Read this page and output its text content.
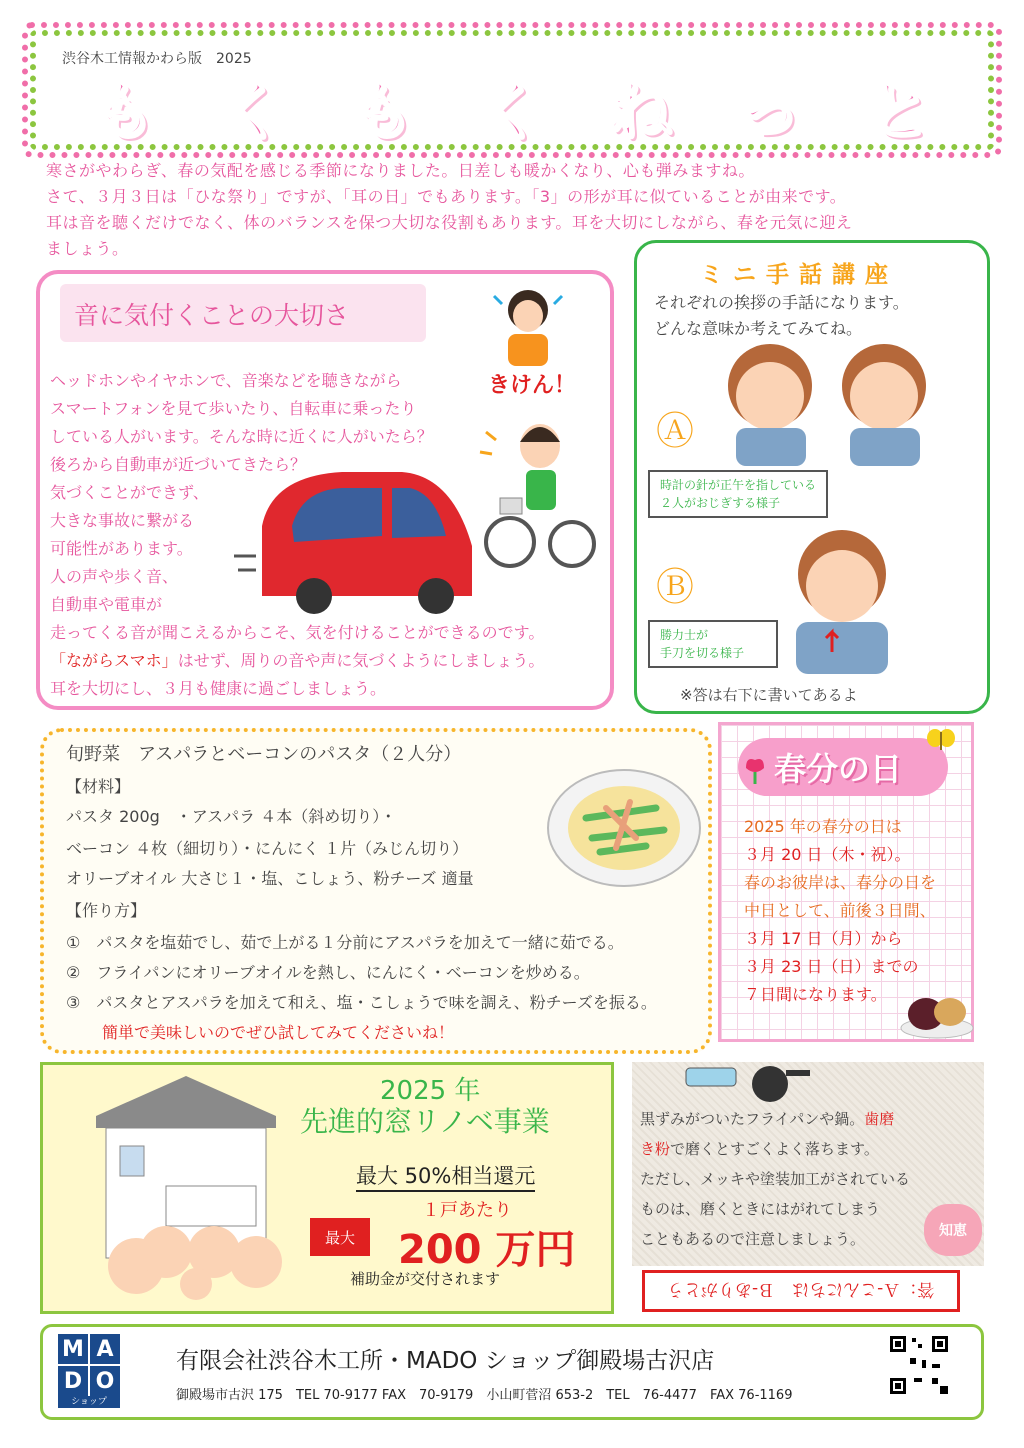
渋谷木工情報かわら版　2025
も く も く ね っ と
寒さがやわらぎ、春の気配を感じる季節になりました。日差しも暖かくなり、心も弾みますね。
さて、３月３日は「ひな祭り」ですが、「耳の日」でもあります。「3」の形が耳に似ていることが由来です。
耳は音を聴くだけでなく、体のバランスを保つ大切な役割もあります。耳を大切にしながら、春を元気に迎え
ましょう。
音に気付くことの大切さ
きけん！
ヘッドホンやイヤホンで、音楽などを聴きながら
スマートフォンを見て歩いたり、自転車に乗ったり
している人がいます。そんな時に近くに人がいたら？
後ろから自動車が近づいてきたら？
気づくことができず、
大きな事故に繋がる
可能性があります。
人の声や歩く音、
自動車や電車が
走ってくる音が聞こえるからこそ、気を付けることができるのです。
「ながらスマホ」はせず、周りの音や声に気づくようにしましょう。
耳を大切にし、３月も健康に過ごしましょう。
ミニ手話講座
それぞれの挨拶の手話になります。
どんな意味か考えてみてね。
Ⓐ
時計の針が正午を指している
２人がおじぎする様子
Ⓑ
勝力士が
手刀を切る様子
※答は右下に書いてあるよ
旬野菜　アスパラとベーコンのパスタ（２人分）
【材料】
パスタ 200g　・アスパラ ４本（斜め切り）・
ベーコン ４枚（細切り）・にんにく １片（みじん切り）
オリーブオイル 大さじ１・塩、こしょう、粉チーズ 適量
【作り方】
①　パスタを塩茹でし、茹で上がる１分前にアスパラを加えて一緒に茹でる。
②　フライパンにオリーブオイルを熱し、にんにく・ベーコンを炒める。
③　パスタとアスパラを加えて和え、塩・こしょうで味を調え、粉チーズを振る。
簡単で美味しいのでぜひ試してみてくださいね！
春分の日
2025 年の春分の日は
３月 20 日（木・祝）。
春のお彼岸は、春分の日を
中日として、前後３日間、
３月 17 日（月）から
３月 23 日（日）までの
７日間になります。
2025 年
先進的窓リノベ事業
最大 50%相当還元
最大
１戸あたり
200 万円
補助金が交付されます
黒ずみがついたフライパンや鍋。歯磨
き粉で磨くとすごくよく落ちます。
ただし、メッキや塗装加工がされている
ものは、磨くときにはがれてしまう
こともあるので注意しましょう。	知恵
答：Ａ-こんにちは　Ｂ-ありがとう
M A
D O
ショップ
有限会社渋谷木工所・MADO ショップ御殿場古沢店
御殿場市古沢 175　TEL 70-9177 FAX　70-9179　小山町菅沼 653-2　TEL　76-4477　FAX 76-1169
